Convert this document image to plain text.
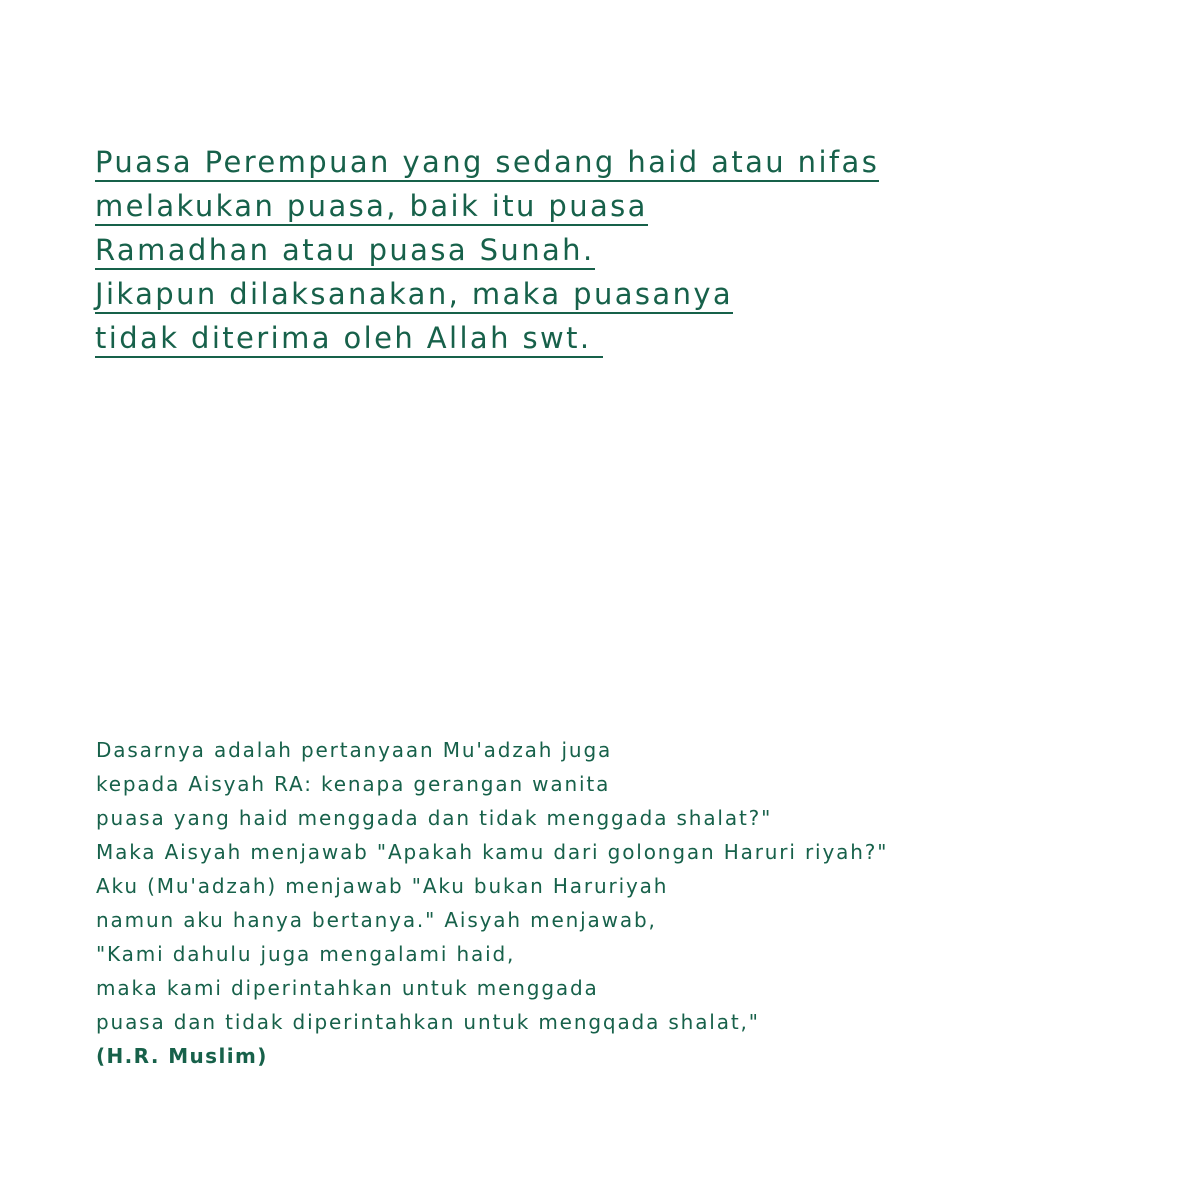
Puasa Perempuan yang sedang haid atau nifas
melakukan puasa, baik itu puasa
Ramadhan atau puasa Sunah.
Jikapun dilaksanakan, maka puasanya
tidak diterima oleh Allah swt.
Dasarnya adalah pertanyaan Mu'adzah juga
kepada Aisyah RA: kenapa gerangan wanita
puasa yang haid menggada dan tidak menggada shalat?"
Maka Aisyah menjawab "Apakah kamu dari golongan Haruri riyah?"
Aku (Mu'adzah) menjawab "Aku bukan Haruriyah
namun aku hanya bertanya." Aisyah menjawab,
"Kami dahulu juga mengalami haid,
maka kami diperintahkan untuk menggada
puasa dan tidak diperintahkan untuk mengqada shalat,"
(H.R. Muslim)
